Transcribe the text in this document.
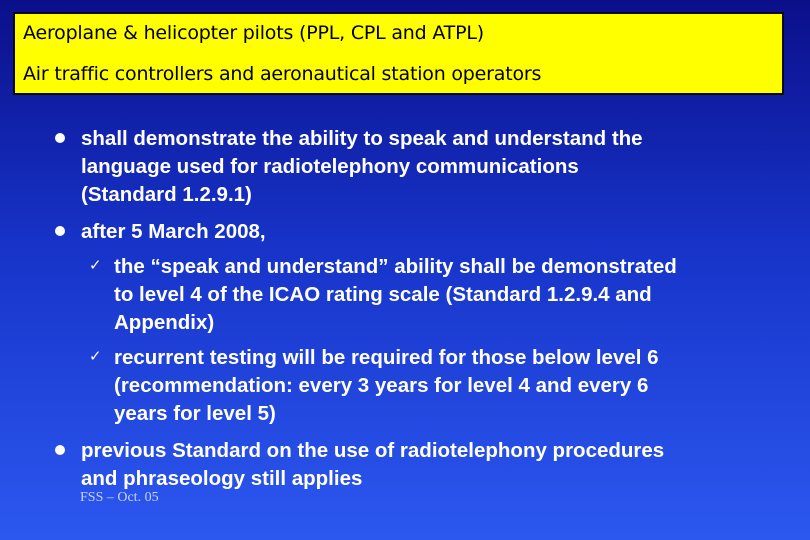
Aeroplane & helicopter pilots (PPL, CPL and ATPL)
Air traffic controllers and aeronautical station operators
shall demonstrate the ability to speak and understand the
language used for radiotelephony communications
(Standard 1.2.9.1)
after 5 March 2008,
✓ the “speak and understand” ability shall be demonstrated
to level 4 of the ICAO rating scale (Standard 1.2.9.4 and
Appendix)
✓ recurrent testing will be required for those below level 6
(recommendation: every 3 years for level 4 and every 6
years for level 5)
previous Standard on the use of radiotelephony procedures
and phraseology still applies
FSS – Oct. 05
